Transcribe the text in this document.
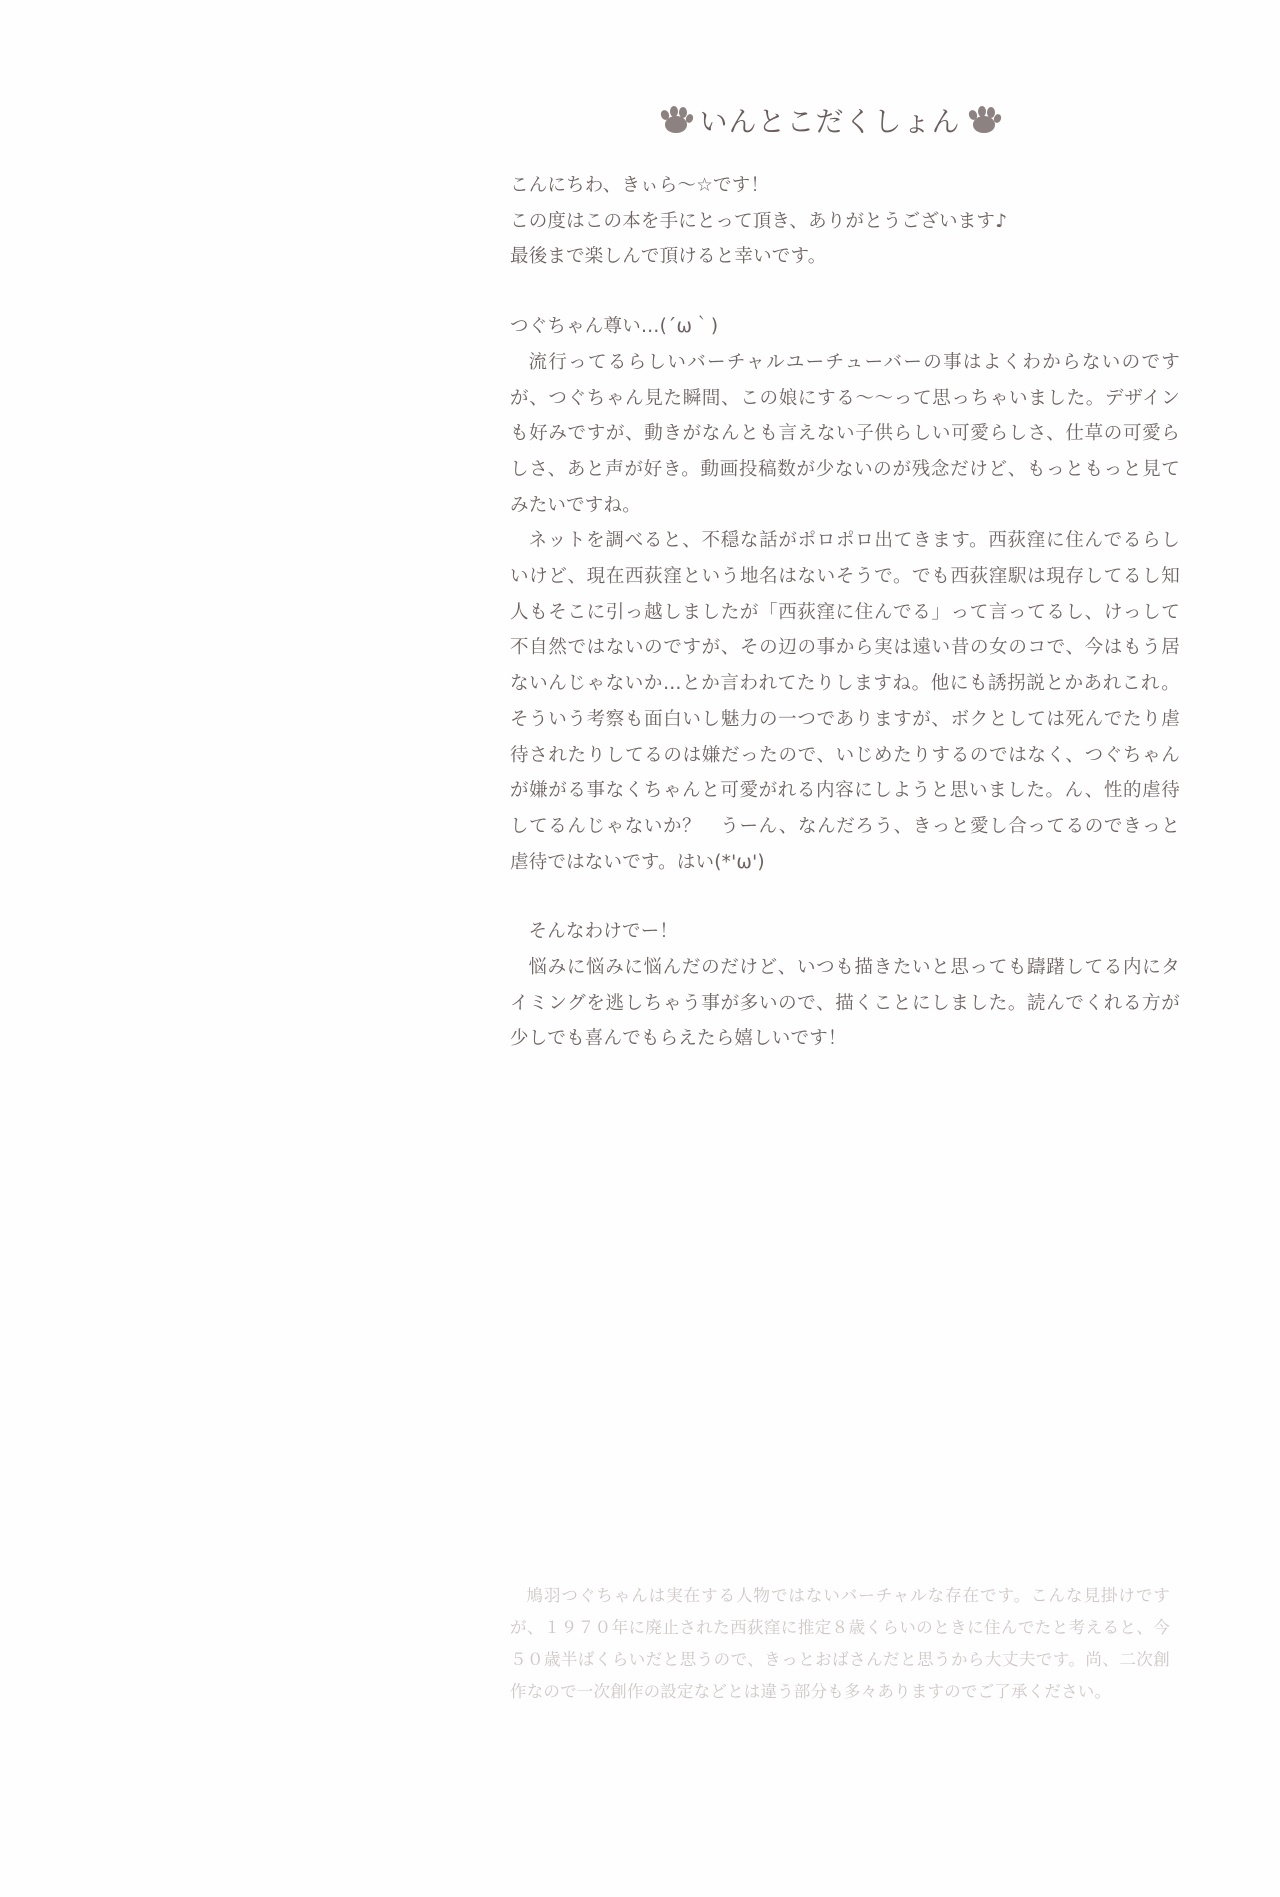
いんとこだくしょん

こんにちわ、きぃら〜☆です！

この度はこの本を手にとって頂き、ありがとうございます♪

最後まで楽しんで頂けると幸いです。

つぐちゃん尊い…(´ω｀)

流行ってるらしいバーチャルユーチューバーの事はよくわからないのですが、つぐちゃん見た瞬間、この娘にする〜〜って思っちゃいました。デザインも好みですが、動きがなんとも言えない子供らしい可愛らしさ、仕草の可愛らしさ、あと声が好き。動画投稿数が少ないのが残念だけど、もっともっと見てみたいですね。

ネットを調べると、不穏な話がポロポロ出てきます。西荻窪に住んでるらしいけど、現在西荻窪という地名はないそうで。でも西荻窪駅は現存してるし知人もそこに引っ越しましたが「西荻窪に住んでる」って言ってるし、けっして不自然ではないのですが、その辺の事から実は遠い昔の女のコで、今はもう居ないんじゃないか…とか言われてたりしますね。他にも誘拐説とかあれこれ。そういう考察も面白いし魅力の一つでありますが、ボクとしては死んでたり虐待されたりしてるのは嫌だったので、いじめたりするのではなく、つぐちゃんが嫌がる事なくちゃんと可愛がれる内容にしようと思いました。ん、性的虐待してるんじゃないか？　うーん、なんだろう、きっと愛し合ってるのできっと虐待ではないです。はい(*'ω')

そんなわけでー！

悩みに悩みに悩んだのだけど、いつも描きたいと思っても躊躇してる内にタイミングを逃しちゃう事が多いので、描くことにしました。読んでくれる方が少しでも喜んでもらえたら嬉しいです！

鳩羽つぐちゃんは実在する人物ではないバーチャルな存在です。こんな見掛けですが、１９７０年に廃止された西荻窪に推定８歳くらいのときに住んでたと考えると、今５０歳半ばくらいだと思うので、きっとおばさんだと思うから大丈夫です。尚、二次創作なので一次創作の設定などとは違う部分も多々ありますのでご了承ください。
